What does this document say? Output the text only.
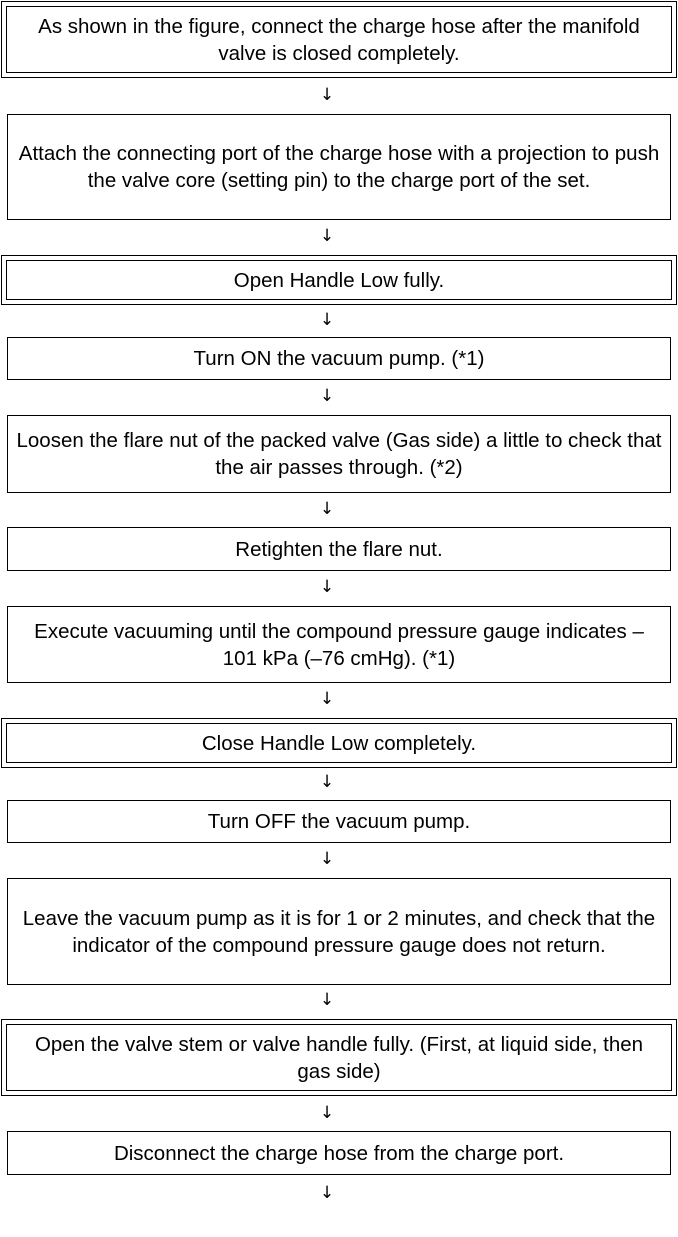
As shown in the figure, connect the charge hose after the manifold valve is closed completely.
↓
Attach the connecting port of the charge hose with a projection to push the valve core (setting pin) to the charge port of the set.
↓
Open Handle Low fully.
↓
Turn ON the vacuum pump. (*1)
↓
Loosen the flare nut of the packed valve (Gas side) a little to check that the air passes through. (*2)
↓
Retighten the flare nut.
↓
Execute vacuuming until the compound pressure gauge indicates –101 kPa (–76 cmHg). (*1)
↓
Close Handle Low completely.
↓
Turn OFF the vacuum pump.
↓
Leave the vacuum pump as it is for 1 or 2 minutes, and check that the indicator of the compound pressure gauge does not return.
↓
Open the valve stem or valve handle fully. (First, at liquid side, then gas side)
↓
Disconnect the charge hose from the charge port.
↓
